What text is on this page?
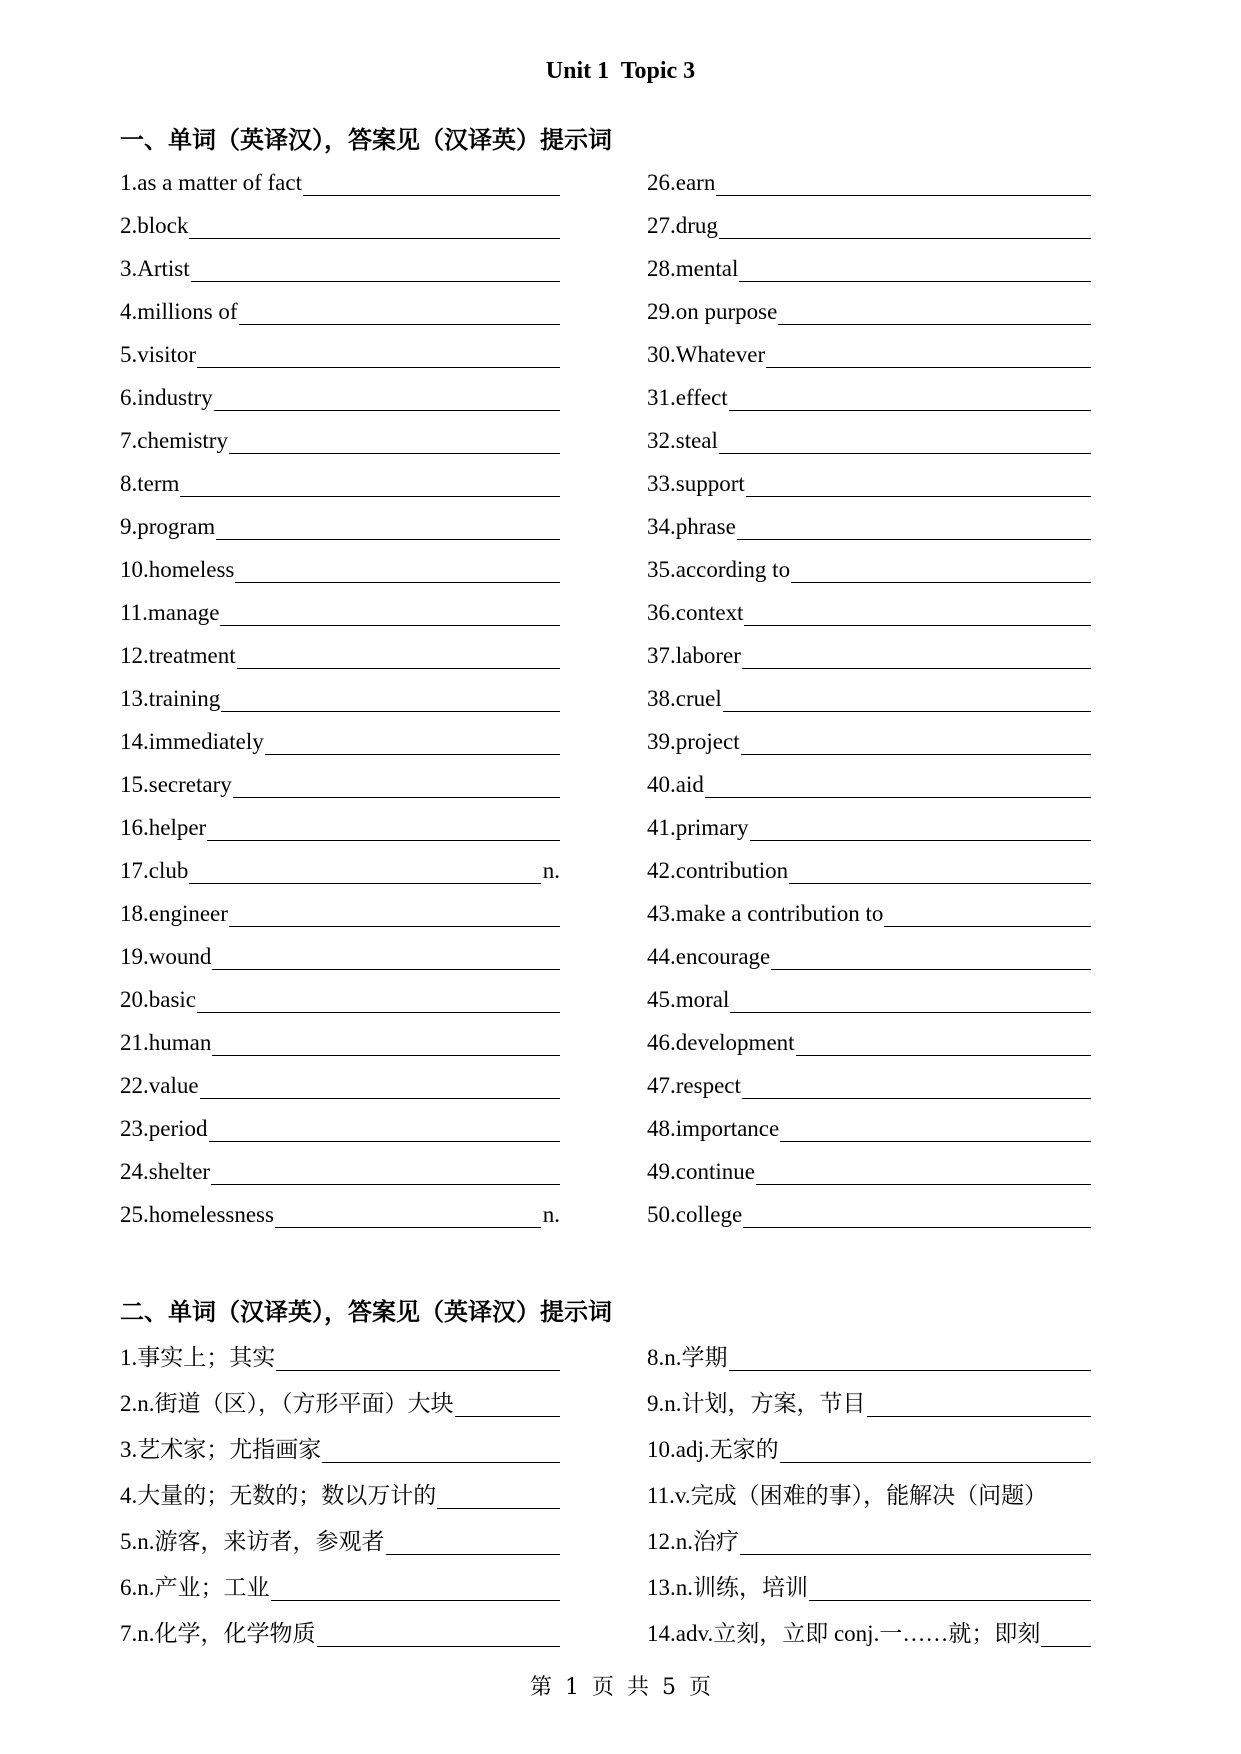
Unit 1  Topic 3
一、单词（英译汉），答案见（汉译英）提示词
1.as a matter of fact
2.block
3.Artist
4.millions of
5.visitor
6.industry
7.chemistry
8.term
9.program
10.homeless
11.manage
12.treatment
13.training
14.immediately
15.secretary
16.helper
17.club	n.
18.engineer
19.wound
20.basic
21.human
22.value
23.period
24.shelter
25.homelessness	n.
26.earn
27.drug
28.mental
29.on purpose
30.Whatever
31.effect
32.steal
33.support
34.phrase
35.according to
36.context
37.laborer
38.cruel
39.project
40.aid
41.primary
42.contribution
43.make a contribution to
44.encourage
45.moral
46.development
47.respect
48.importance
49.continue
50.college
二、单词（汉译英），答案见（英译汉）提示词
1.事实上；其实
2.n.街道（区），（方形平面）大块
3.艺术家；尤指画家
4.大量的；无数的；数以万计的
5.n.游客，来访者，参观者
6.n.产业；工业
7.n.化学，化学物质
8.n.学期
9.n.计划，方案，节目
10.adj.无家的
11.v.完成（困难的事），能解决（问题）
12.n.治疗
13.n.训练，培训
14.adv.立刻，立即 conj.一……就；即刻
第 1 页 共 5 页
